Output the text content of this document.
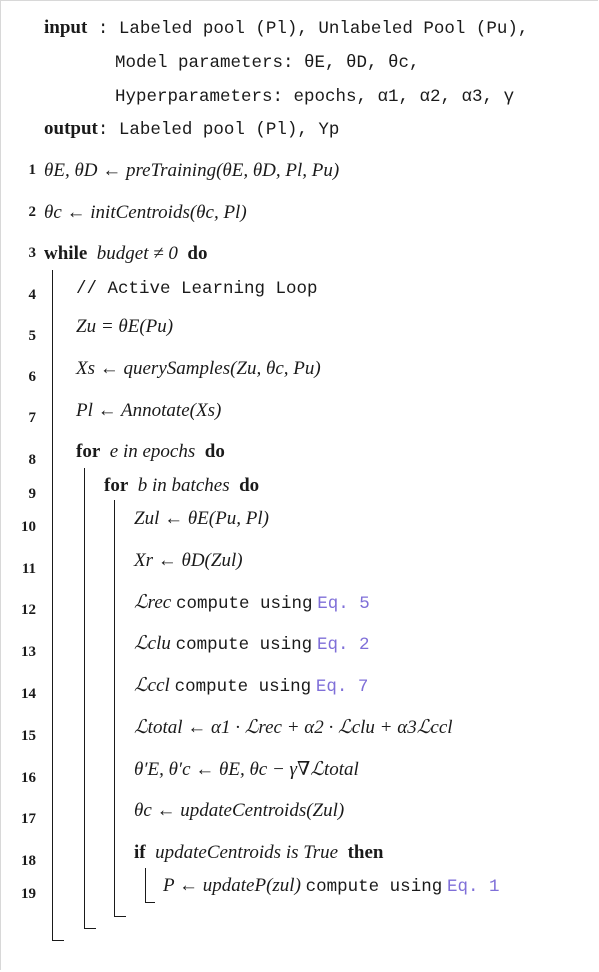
input : Labeled pool (Pl), Unlabeled Pool (Pu),
Model parameters: θE, θD, θc,
Hyperparameters: epochs, α1, α2, α3, γ
output: Labeled pool (Pl), Yp
1 θE, θD ← preTraining(θE, θD, Pl, Pu)
2 θc ← initCentroids(θc, Pl)
3 while budget ≠ 0 do
4 // Active Learning Loop
5 Zu = θE(Pu)
6 Xs ← querySamples(Zu, θc, Pu)
7 Pl ← Annotate(Xs)
8 for e in epochs do
9	for b in batches do
10	Zul ← θE(Pu, Pl)
11	Xr ← θD(Zul)
12	ℒrec compute using Eq. 5
13	ℒclu compute using Eq. 2
14	ℒccl compute using Eq. 7
15	ℒtotal ← α1 · ℒrec + α2 · ℒclu + α3ℒccl
16	θ′E, θ′c ← θE, θc − γ∇ℒtotal
17	θc ← updateCentroids(Zul)
18	if updateCentroids is True then
19	P ← updateP(zul) compute using Eq. 1
